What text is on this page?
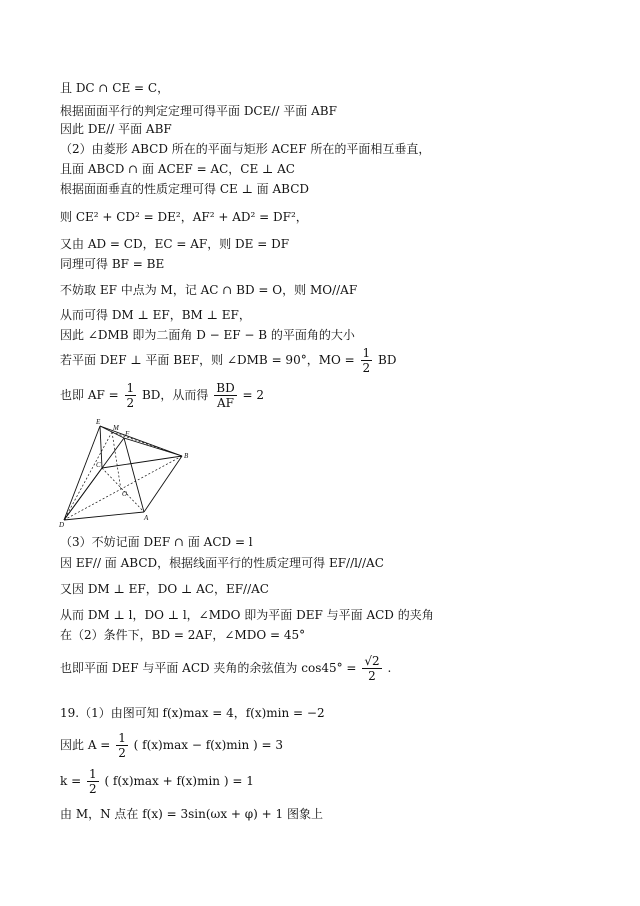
且 DC ∩ CE = C，
根据面面平行的判定定理可得平面 DCE// 平面 ABF
因此 DE// 平面 ABF
（2）由菱形 ABCD 所在的平面与矩形 ACEF 所在的平面相互垂直，
且面 ABCD ∩ 面 ACEF = AC，CE ⊥ AC
根据面面垂直的性质定理可得 CE ⊥ 面 ABCD
则 CE² + CD² = DE²，AF² + AD² = DF²，
又由 AD = CD，EC = AF，则 DE = DF
同理可得 BF = BE
不妨取 EF 中点为 M，记 AC ∩ BD = O，则 MO//AF
从而可得 DM ⊥ EF，BM ⊥ EF，
因此 ∠DMB 即为二面角 D − EF − B 的平面角的大小
若平面 DEF ⊥ 平面 BEF，则 ∠DMB = 90°，MO = $\frac{1}{2}$ BD
也即 AF = $\frac{1}{2}$ BD，从而得 $\frac{BD}{AF} = 2$
E
F
M
C
O
A
B
D
（3）不妨记面 DEF ∩ 面 ACD = l
因 EF// 面 ABCD，根据线面平行的性质定理可得 EF//l//AC
又因 DM ⊥ EF，DO ⊥ AC，EF//AC
从而 DM ⊥ l，DO ⊥ l，∠MDO 即为平面 DEF 与平面 ACD 的夹角
在（2）条件下，BD = 2AF，∠MDO = 45°
也即平面 DEF 与平面 ACD 夹角的余弦值为 $\cos 45^\circ = \frac{√2}{2}$ .
19.（1）由图可知 f(x)max = 4，f(x)min = −2
因此 $A = \frac{1}{2}$ ( f(x)max − f(x)min ) = 3
$k = \frac{1}{2}$ ( f(x)max + f(x)min ) = 1
由 M，N 点在 f(x) = 3sin(ωx + φ) + 1 图象上
